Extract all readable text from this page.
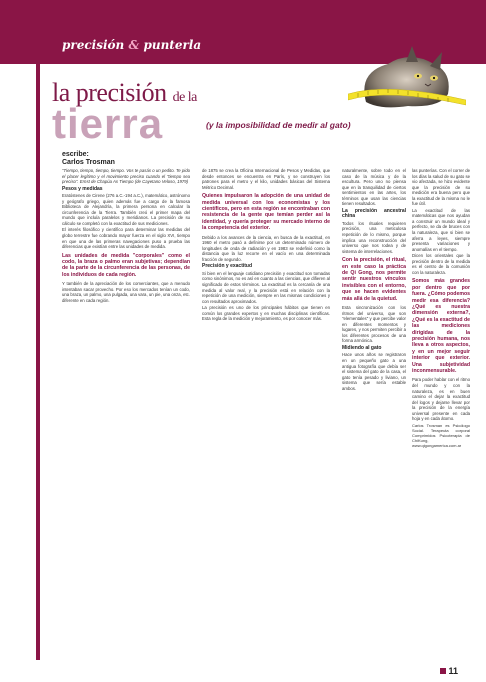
precisión & punterla
la precisión de la
tierra	(y la imposibilidad de medir al gato)
escribe:
Carlos Trosman

"Tiempo, tiempo, tiempo, tiempo. Vos te pasás o un pedito. Te pido el placer legítimo y el movimiento preciso cuando el "tiempo sea preciso". Ernst de Chapúa As Tiempo (de Cayetano Veloso, 1979)

Pesos y medidas

Eratóstenes de Cirene (276 a.C.-194 a.C.), matemático, astrónomo y geógrafo griego, quien además fue a cargo de la famosa Biblioteca de Alejandría, la primera persona en calcular la circunferencia de la Tierra. También creó el primer mapa del mundo que incluía paralelos y meridianos. La precisión de su cálculo se completó con la exactitud de sus mediciones.

El interés filosófico y científico para determinar las medidas del globo terrestre fue cobrando mayor fuerza en el siglo XVI, tiempo en que una de las primeras navegaciones puso a prueba las diferencias que existían entre las unidades de medida.

Las unidades de medida "corporales" como el codo, la braza o palmo eran subjetivas; dependían de la parte de la circunferencia de las personas, de los individuos de cada región.

Y también de la apreciación de los comerciantes, que a menudo intentaban sacar provecho. Por eso los mercados tenían un codo, una braza, un palmo, una pulgada, una vara, un pie, una onza, etc. diferente en cada región.

de 1875 se crea la Oficina Internacional de Pesos y Medidas, que desde entonces se encuentra en París, y se construyen los patrones para el metro y el kilo, unidades básicas del Sistema Métrico Decimal.

Quienes impulsaron la adopción de una unidad de medida universal con los economistas y los científicos, pero en esta región se encontraban con resistencia de la gente que temían perder así la identidad, y quería proteger su mercado interno de la competencia del exterior.

Debido a los avances de la ciencia, en busca de la exactitud, en 1960 el metro pasó a definirse por un determinado número de longitudes de onda de radiación y en 1983 se redefinió como la distancia que la luz recorre en el vacío en una determinada fracción de segundo.

Precisión y exactitud

Si bien en el lenguaje cotidiano precisión y exactitud son tomadas como sinónimos, no es así en cuanto a las ciencias, que difieren al significado de estos términos. La exactitud es la cercanía de una medida al valor real, y la precisión está en relación con la repetición de una medición, siempre en las mismas condiciones y con resultados aproximados.

La precisión es uno de los principales hábitos que tienen en común los grandes expertos y en muchas disciplinas científicas. Esta regla de la medición y mejoramiento, es por conocer más.

naturalmente, sobre todo en el caso de la música y de la escultura. Pero uno no piensa que en la tranquilidad de ciertos sentimientos en las artes, los términos que usan las ciencias tienen resultados.

La precisión ancestral china

Todos los rituales requieren precisión, una meticulosa repetición de lo mismo, porque implica una reconstrucción del universo que nos rodea y de sistema de interrelaciones.

Con la precisión, el ritual, en este caso la práctica de Qi Gong, nos permite sentir nuestros vínculos invisibles con el entorno, que se hacen evidentes más allá de la quietud.

Esta sincronización con los ritmos del universo, que son "elementales" y que percibe valor en diferentes momentos y lugares, y nos permiten percibir a los diferentes procesos de una forma armónica.

Midiendo al gato

Hace unos años se registraron en un pequeño gato a una antigua fotografía que debía ser el sistema del gato de la casa, el gato tenía pesado y liviano, un sistema que sería estable ambos.

las punterías. Con el correr de los días la salud de su gato se vio afectada, se hizo evidente que la precisión de su medición era buena pero que la exactitud de la misma no le fue útil.

La exactitud de las matemáticas que nos ayudan a construir un mundo ideal y perfecto, se da de bruces con la naturaleza, que si bien se aferra a leyes, siempre presenta variaciones y anomalías en el tiempo.

Dicen los orientales que la precisión dentro de la medida es el centro de la comunión con la naturaleza.

Somos más grandes por dentro que por fuera. ¿Cómo podemos medir esa diferencia? ¿Qué es nuestra dimensión externa?, ¿Qué es la exactitud de las mediciones dirigidas de la precisión humana, nos lleva a otros aspectos, y en un mejor seguir interior que exterior. Una subjetividad inconmensurable.

Para poder hablar con el ritmo del mundo y con la naturaleza, es en buen camino el dejar la exactitud del logos y dejarse llevar por la precisión de la energía universal presente en cada hoja y en cada átomo.

Carlos Trosman es Psicólogo Social. Terapeuta corporal Comprimidos Psicoterapia de ChiKung, www.qigongamerica.com.ar

11
